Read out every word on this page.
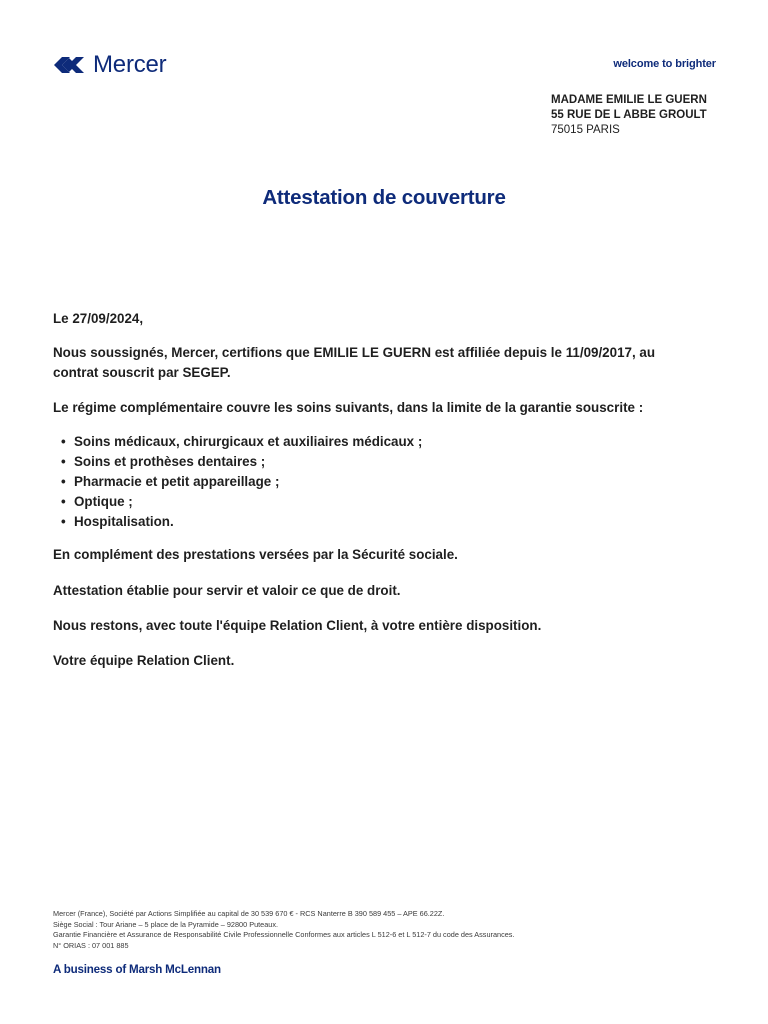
Mercer	welcome to brighter
MADAME EMILIE LE GUERN
55 RUE DE L ABBE GROULT
75015 PARIS
Attestation de couverture

Le 27/09/2024,

Nous soussignés, Mercer, certifions que EMILIE LE GUERN est affiliée depuis le 11/09/2017, au contrat souscrit par SEGEP.

Le régime complémentaire couvre les soins suivants, dans la limite de la garantie souscrite :

• Soins médicaux, chirurgicaux et auxiliaires médicaux ;
• Soins et prothèses dentaires ;
• Pharmacie et petit appareillage ;
• Optique ;
• Hospitalisation.

En complément des prestations versées par la Sécurité sociale.

Attestation établie pour servir et valoir ce que de droit.

Nous restons, avec toute l'équipe Relation Client, à votre entière disposition.

Votre équipe Relation Client.

Mercer (France), Société par Actions Simplifiée au capital de 30 539 670 € - RCS Nanterre B 390 589 455 – APE 66.22Z.
Siège Social : Tour Ariane – 5 place de la Pyramide – 92800 Puteaux.
Garantie Financière et Assurance de Responsabilité Civile Professionnelle Conformes aux articles L 512-6 et L 512-7 du code des Assurances.
N° ORIAS : 07 001 885
A business of Marsh McLennan
